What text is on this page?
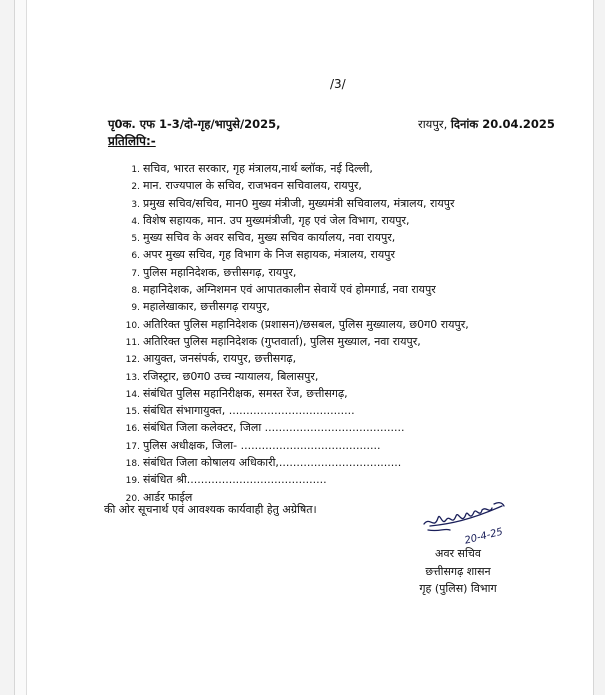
/3/
पृ0क. एफ 1-3/दो-गृह/भापुसे/2025,	रायपुर, दिनांक 20.04.2025
प्रतिलिपि:-
1. सचिव, भारत सरकार, गृह मंत्रालय,नार्थ ब्लॉक, नई दिल्ली,
2. मान. राज्यपाल के सचिव, राजभवन सचिवालय, रायपुर,
3. प्रमुख सचिव/सचिव, मान0 मुख्य मंत्रीजी, मुख्यमंत्री सचिवालय, मंत्रालय, रायपुर
4. विशेष सहायक, मान. उप मुख्यमंत्रीजी, गृह एवं जेल विभाग, रायपुर,
5. मुख्य सचिव के अवर सचिव, मुख्य सचिव कार्यालय, नवा रायपुर,
6. अपर मुख्य सचिव, गृह विभाग के निज सहायक, मंत्रालय, रायपुर
7. पुलिस महानिदेशक, छत्तीसगढ़, रायपुर,
8. महानिदेशक, अग्निशमन एवं आपातकालीन सेवायें एवं होमगार्ड, नवा रायपुर
9. महालेखाकार, छत्तीसगढ़ रायपुर,
10. अतिरिक्त पुलिस महानिदेशक (प्रशासन)/छसबल, पुलिस मुख्यालय, छ0ग0 रायपुर,
11. अतिरिक्त पुलिस महानिदेशक (गुप्तवार्ता), पुलिस मुख्याल, नवा रायपुर,
12. आयुक्त, जनसंपर्क, रायपुर, छत्तीसगढ़,
13. रजिस्ट्रार, छ0ग0 उच्च न्यायालय, बिलासपुर,
14. संबंधित पुलिस महानिरीक्षक, समस्त रेंज, छत्तीसगढ़,
15. संबंधित संभागायुक्त, ....................................
16. संबंधित जिला कलेक्टर, जिला ........................................
17. पुलिस अधीक्षक, जिला- ........................................
18. संबंधित जिला कोषालय अधिकारी,...................................
19. संबंधित श्री........................................
20. आर्डर फाईल
की ओर सूचनार्थ एवं आवश्यक कार्यवाही हेतु अग्रेषित।
20-4-25
अवर सचिव
छत्तीसगढ़ शासन
गृह (पुलिस) विभाग
